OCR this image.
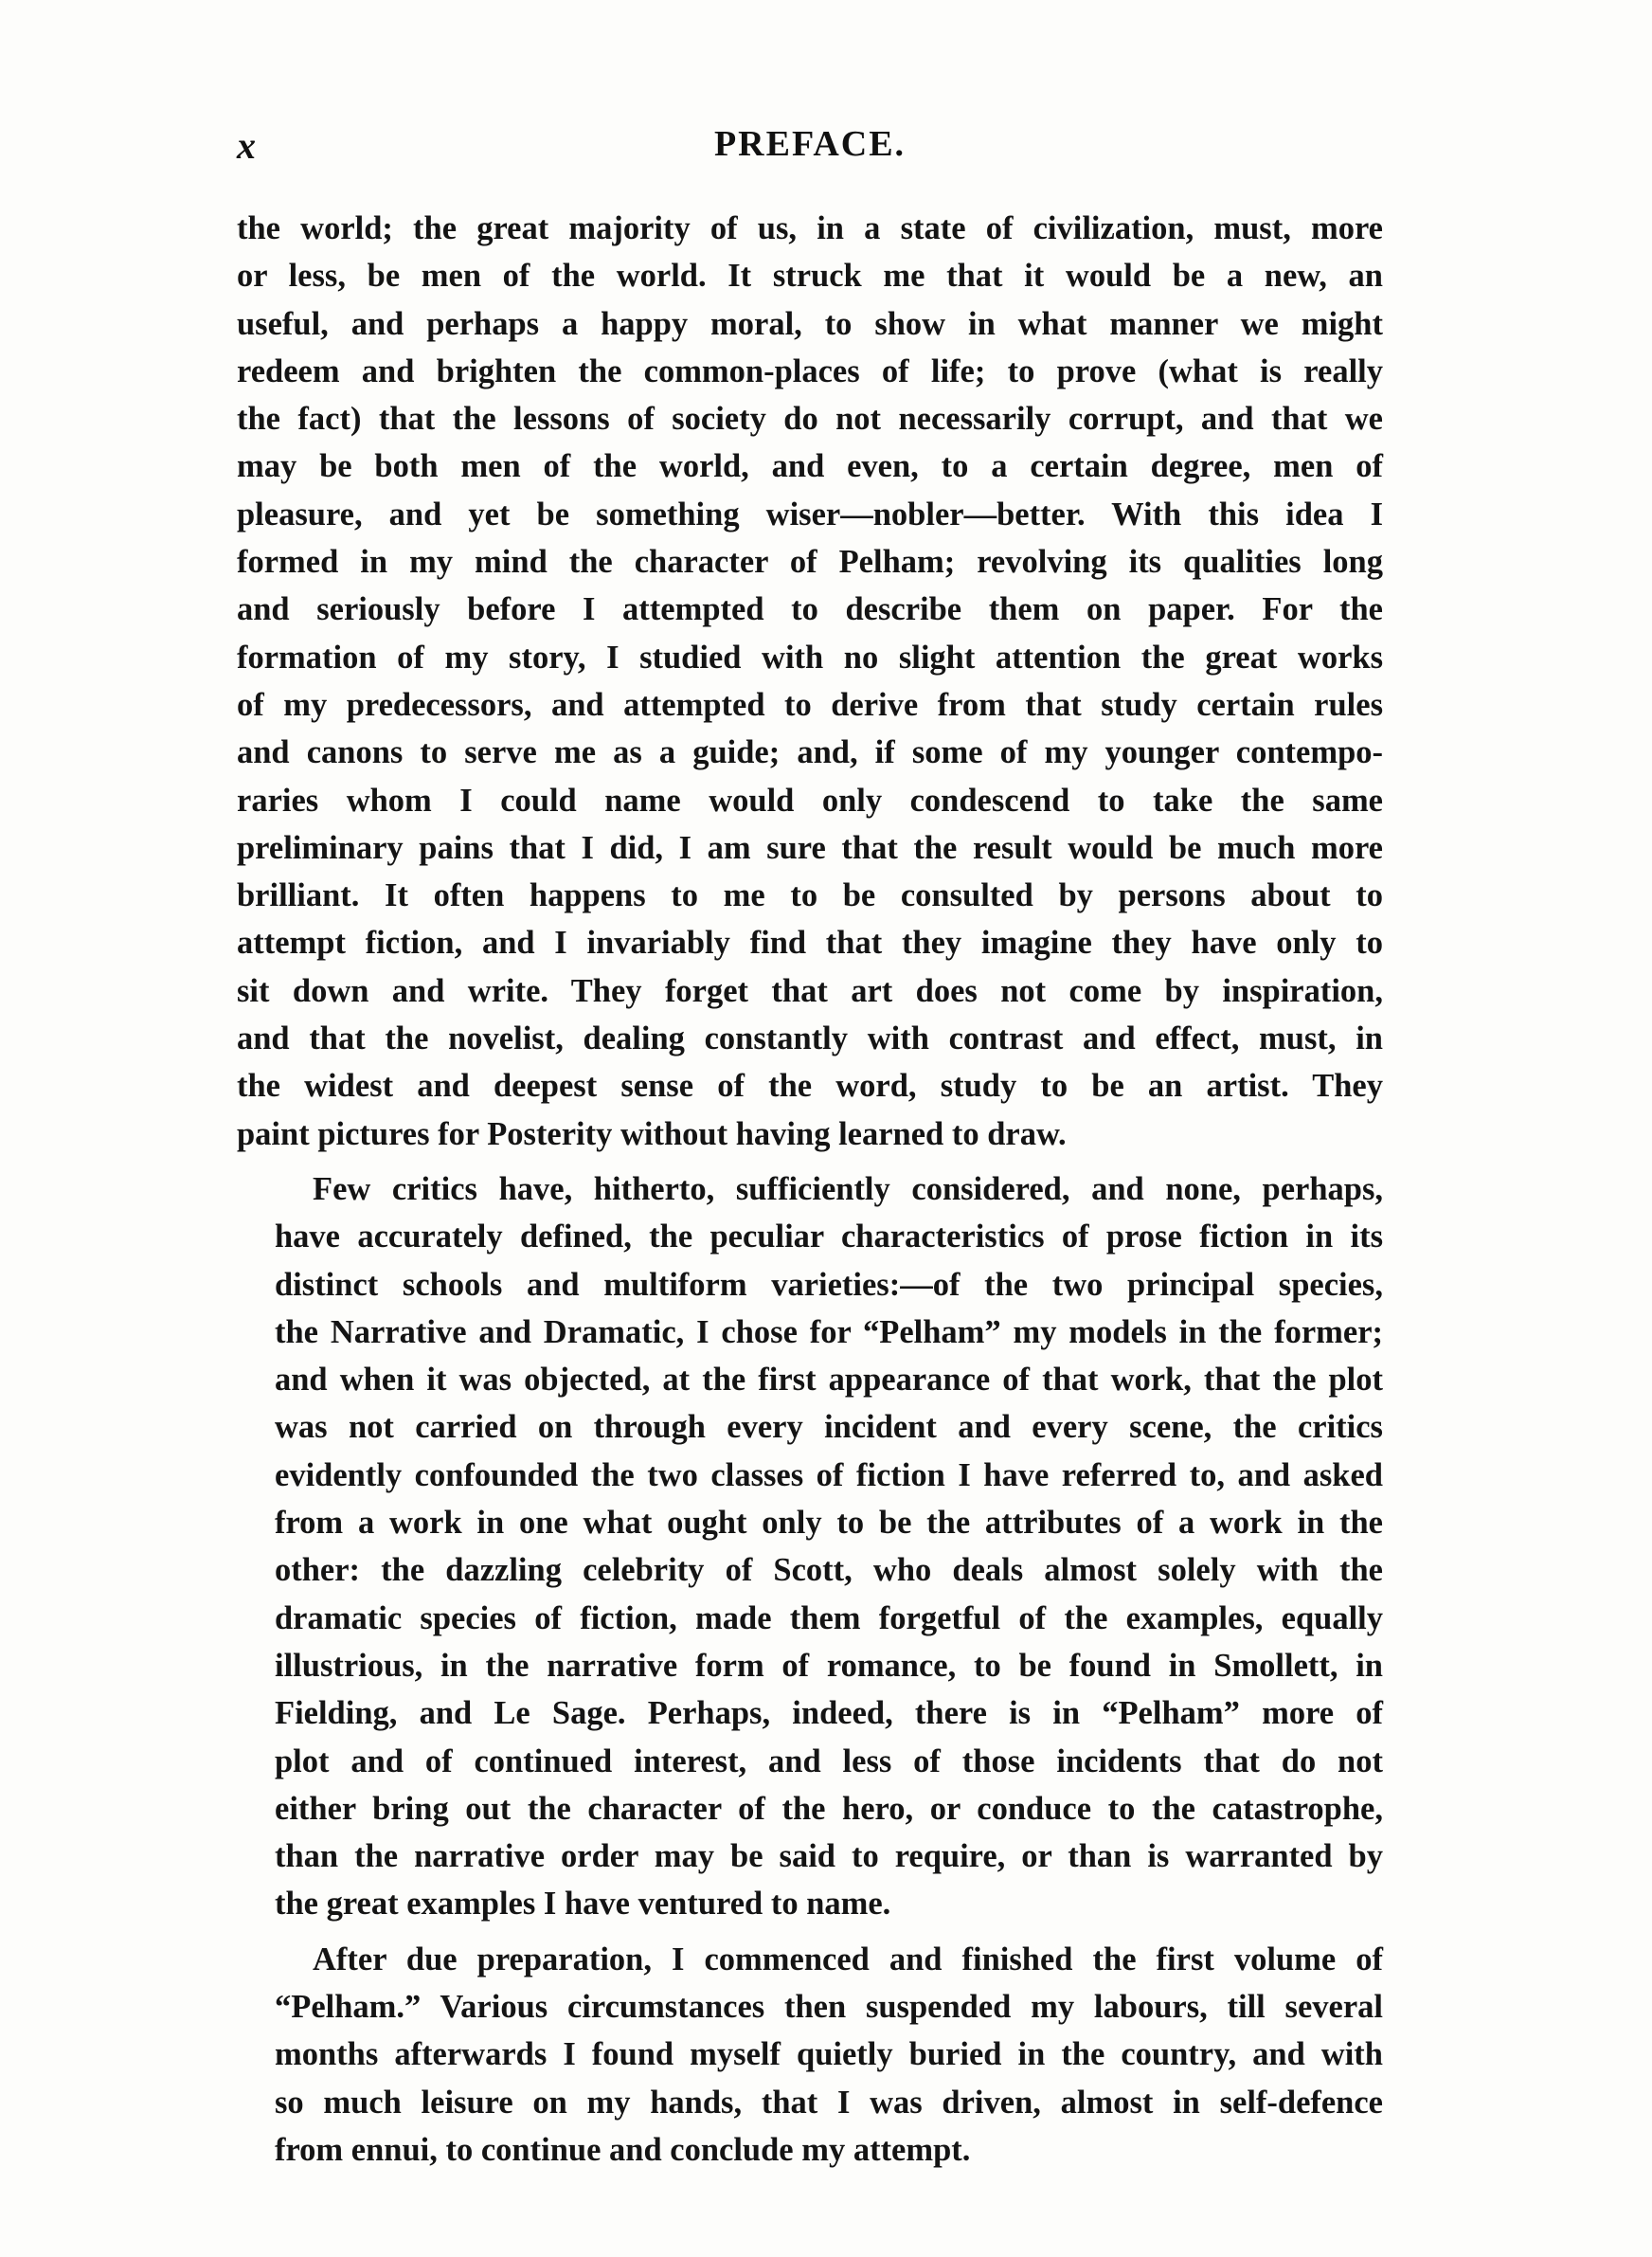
x	PREFACE.
the world; the great majority of us, in a state of civilization, must, more
or less, be men of the world. It struck me that it would be a new, an
useful, and perhaps a happy moral, to show in what manner we might
redeem and brighten the common-places of life; to prove (what is really
the fact) that the lessons of society do not necessarily corrupt, and that we
may be both men of the world, and even, to a certain degree, men of
pleasure, and yet be something wiser—nobler—better. With this idea I
formed in my mind the character of Pelham; revolving its qualities long
and seriously before I attempted to describe them on paper. For the
formation of my story, I studied with no slight attention the great works
of my predecessors, and attempted to derive from that study certain rules
and canons to serve me as a guide; and, if some of my younger contempo-
raries whom I could name would only condescend to take the same
preliminary pains that I did, I am sure that the result would be much more
brilliant. It often happens to me to be consulted by persons about to
attempt fiction, and I invariably find that they imagine they have only to
sit down and write. They forget that art does not come by inspiration,
and that the novelist, dealing constantly with contrast and effect, must, in
the widest and deepest sense of the word, study to be an artist. They
paint pictures for Posterity without having learned to draw.
Few critics have, hitherto, sufficiently considered, and none, perhaps,
have accurately defined, the peculiar characteristics of prose fiction in its
distinct schools and multiform varieties:—of the two principal species,
the Narrative and Dramatic, I chose for “Pelham” my models in the former;
and when it was objected, at the first appearance of that work, that the plot
was not carried on through every incident and every scene, the critics
evidently confounded the two classes of fiction I have referred to, and asked
from a work in one what ought only to be the attributes of a work in the
other: the dazzling celebrity of Scott, who deals almost solely with the
dramatic species of fiction, made them forgetful of the examples, equally
illustrious, in the narrative form of romance, to be found in Smollett, in
Fielding, and Le Sage. Perhaps, indeed, there is in “Pelham” more of
plot and of continued interest, and less of those incidents that do not
either bring out the character of the hero, or conduce to the catastrophe,
than the narrative order may be said to require, or than is warranted by
the great examples I have ventured to name.
After due preparation, I commenced and finished the first volume of
“Pelham.” Various circumstances then suspended my labours, till several
months afterwards I found myself quietly buried in the country, and with
so much leisure on my hands, that I was driven, almost in self-defence
from ennui, to continue and conclude my attempt.
